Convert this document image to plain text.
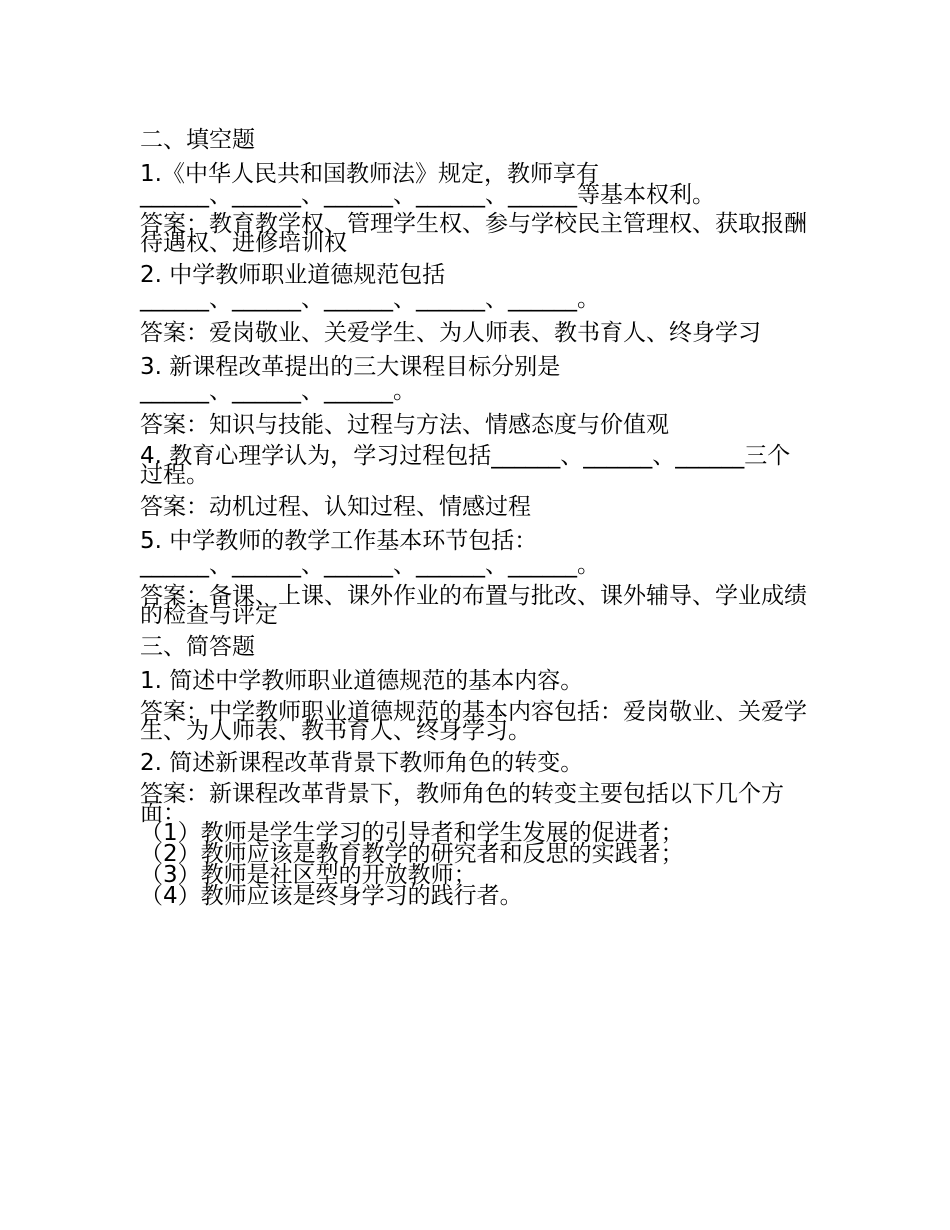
二、填空题
1.《中华人民共和国教师法》规定，教师享有
______、______、______、______、______等基本权利。
答案：教育教学权、管理学生权、参与学校民主管理权、获取报酬待遇权、进修培训权
2. 中学教师职业道德规范包括
______、______、______、______、______。
答案：爱岗敬业、关爱学生、为人师表、教书育人、终身学习
3. 新课程改革提出的三大课程目标分别是
______、______、______。
答案：知识与技能、过程与方法、情感态度与价值观
4. 教育心理学认为，学习过程包括______、______、______三个过程。
答案：动机过程、认知过程、情感过程
5. 中学教师的教学工作基本环节包括：
______、______、______、______、______。
答案：备课、上课、课外作业的布置与批改、课外辅导、学业成绩的检查与评定
三、简答题
1. 简述中学教师职业道德规范的基本内容。
答案：中学教师职业道德规范的基本内容包括：爱岗敬业、关爱学生、为人师表、教书育人、终身学习。
2. 简述新课程改革背景下教师角色的转变。
答案：新课程改革背景下，教师角色的转变主要包括以下几个方面：
（1）教师是学生学习的引导者和学生发展的促进者；
（2）教师应该是教育教学的研究者和反思的实践者；
（3）教师是社区型的开放教师；
（4）教师应该是终身学习的践行者。
